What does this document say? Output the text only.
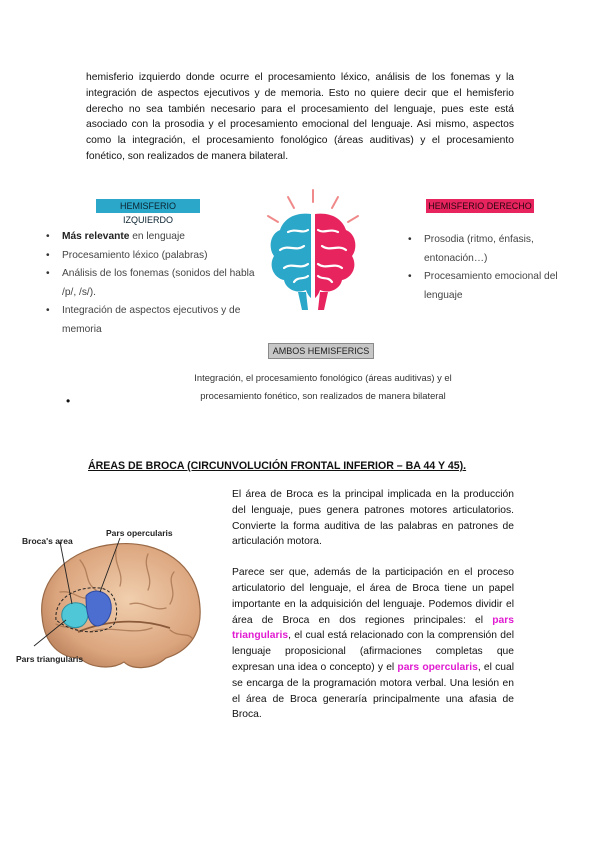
hemisferio izquierdo donde ocurre el procesamiento léxico, análisis de los fonemas y la integración de aspectos ejecutivos y de memoria. Esto no quiere decir que el hemisferio derecho no sea también necesario para el procesamiento del lenguaje, pues este está asociado con la prosodia y el procesamiento emocional del lenguaje. Asi mismo, aspectos como la integración, el procesamiento fonológico (áreas auditivas) y el procesamiento fonético, son realizados de manera bilateral.
HEMISFERIO IZQUIERDO
HEMISFERIO DERECHO
• Más relevante en lenguaje
• Procesamiento léxico (palabras)
• Análisis de los fonemas (sonidos del habla /p/, /s/).
• Integración de aspectos ejecutivos y de memoria
• Prosodia (ritmo, énfasis, entonación…)
• Procesamiento emocional del lenguaje
AMBOS HEMISFERICS
Integración, el procesamiento fonológico (áreas auditivas) y el procesamiento fonético, son realizados de manera bilateral
•
ÁREAS DE BROCA (CIRCUNVOLUCIÓN FRONTAL INFERIOR – BA 44 Y 45).
Broca's area
Pars opercularis
Pars triangularis
El área de Broca es la principal implicada en la producción del lenguaje, pues genera patrones motores articulatorios. Convierte la forma auditiva de las palabras en patrones de articulación motora.
Parece ser que, además de la participación en el proceso articulatorio del lenguaje, el área de Broca tiene un papel importante en la adquisición del lenguaje. Podemos dividir el área de Broca en dos regiones principales: el pars triangularis, el cual está relacionado con la comprensión del lenguaje proposicional (afirmaciones completas que expresan una idea o concepto) y el pars opercularis, el cual se encarga de la programación motora verbal. Una lesión en el área de Broca generaría principalmente una afasia de Broca.
